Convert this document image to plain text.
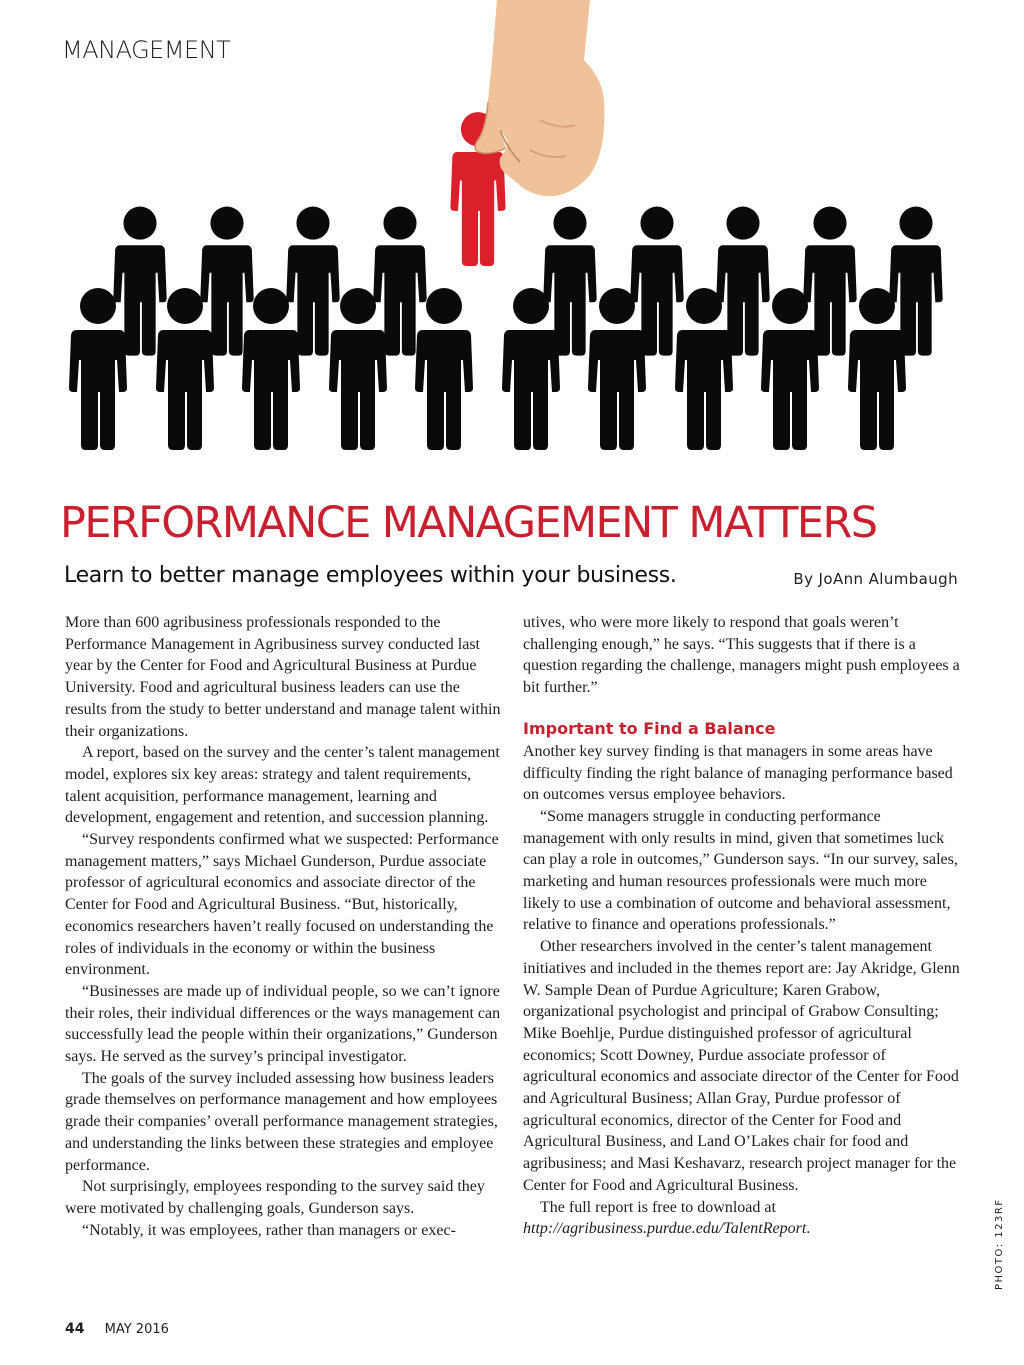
MANAGEMENT
PERFORMANCE MANAGEMENT MATTERS
Learn to better manage employees within your business.	By JoAnn Alumbaugh

More than 600 agribusiness professionals responded to the Performance Management in Agribusiness survey conducted last year by the Center for Food and Agricultural Business at Purdue University. Food and agricultural business leaders can use the results from the study to better understand and manage talent within their organizations.

A report, based on the survey and the center’s talent management model, explores six key areas: strategy and talent requirements, talent acquisition, performance management, learning and development, engagement and retention, and succession planning.

“Survey respondents confirmed what we suspected: Performance management matters,” says Michael Gunderson, Purdue associate professor of agricultural economics and associate director of the Center for Food and Agricultural Business. “But, historically, economics researchers haven’t really focused on understanding the roles of individuals in the economy or within the business environment.

“Businesses are made up of individual people, so we can’t ignore their roles, their individual differences or the ways management can successfully lead the people within their organizations,” Gunderson says. He served as the survey’s principal investigator.

The goals of the survey included assessing how business leaders grade themselves on performance management and how employees grade their companies’ overall performance management strategies, and understanding the links between these strategies and employee performance.

Not surprisingly, employees responding to the survey said they were motivated by challenging goals, Gunderson says.

“Notably, it was employees, rather than managers or exec-

utives, who were more likely to respond that goals weren’t challenging enough,” he says. “This suggests that if there is a question regarding the challenge, managers might push employees a bit further.”

Important to Find a Balance

Another key survey finding is that managers in some areas have difficulty finding the right balance of managing performance based on outcomes versus employee behaviors.

“Some managers struggle in conducting performance management with only results in mind, given that sometimes luck can play a role in outcomes,” Gunderson says. “In our survey, sales, marketing and human resources professionals were much more likely to use a combination of outcome and behavioral assessment, relative to finance and operations professionals.”

Other researchers involved in the center’s talent management initiatives and included in the themes report are: Jay Akridge, Glenn W. Sample Dean of Purdue Agriculture; Karen Grabow, organizational psychologist and principal of Grabow Consulting; Mike Boehlje, Purdue distinguished professor of agricultural economics; Scott Downey, Purdue associate professor of agricultural economics and associate director of the Center for Food and Agricultural Business; Allan Gray, Purdue professor of agricultural economics, director of the Center for Food and Agricultural Business, and Land O’Lakes chair for food and agribusiness; and Masi Keshavarz, research project manager for the Center for Food and Agricultural Business.

The full report is free to download at http://agribusiness.purdue.edu/TalentReport.	PHOTO: 123RF
44 MAY 2016
